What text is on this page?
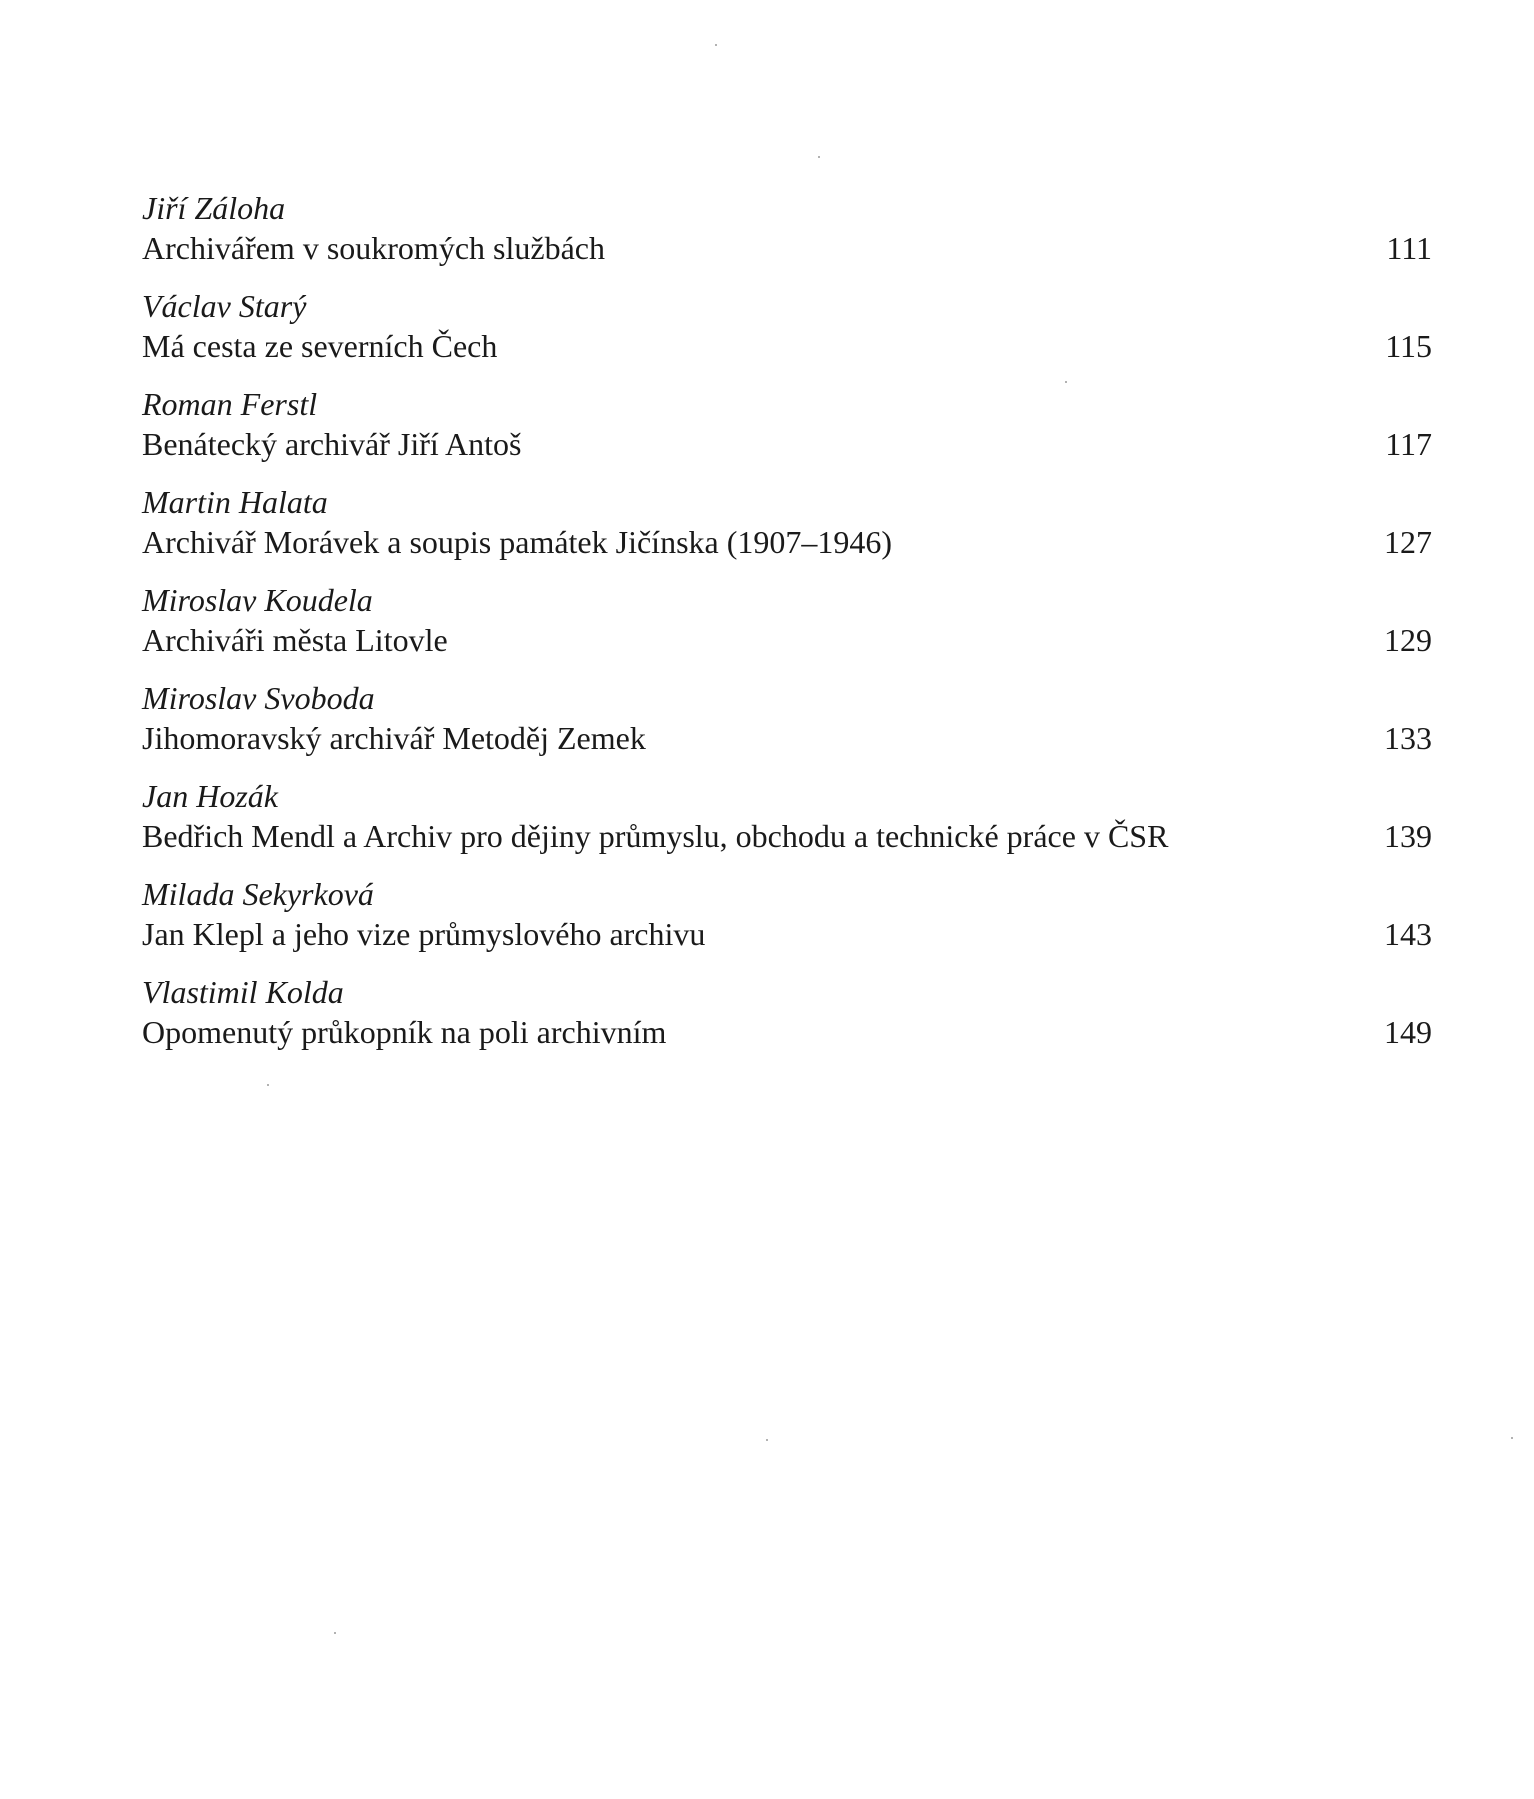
Jiří Záloha
Archivářem v soukromých službách	111
Václav Starý
Má cesta ze severních Čech	115
Roman Ferstl
Benátecký archivář Jiří Antoš	117
Martin Halata
Archivář Morávek a soupis památek Jičínska (1907–1946)	127
Miroslav Koudela
Archiváři města Litovle	129
Miroslav Svoboda
Jihomoravský archivář Metoděj Zemek	133
Jan Hozák
Bedřich Mendl a Archiv pro dějiny průmyslu, obchodu a technické práce v ČSR	139
Milada Sekyrková
Jan Klepl a jeho vize průmyslového archivu	143
Vlastimil Kolda
Opomenutý průkopník na poli archivním	149
